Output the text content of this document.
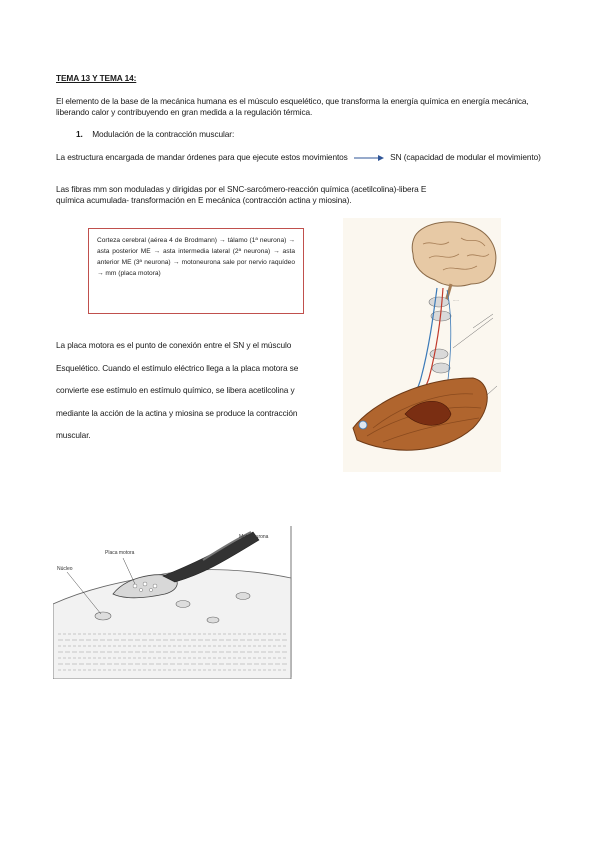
TEMA 13 Y TEMA 14:
El elemento de la base de la mecánica humana es el músculo esquelético, que transforma la energía química en energía mecánica, liberando calor y contribuyendo en gran medida a la regulación térmica.
1. Modulación de la contracción muscular:
La estructura encargada de mandar órdenes para que ejecute estos movimientos	SN (capacidad de modular el movimiento)
Las fibras mm son moduladas y dirigidas por el SNC-sarcómero-reacción química (acetilcolina)-libera E química acumulada- transformación en E mecánica (contracción actina y miosina).
Corteza cerebral (aérea 4 de Brodmann) → tálamo (1ª neurona) → asta posterior ME → asta intermedia lateral (2ª neurona) → asta anterior ME (3ª neurona) → motoneurona sale por nervio raquídeo → mm (placa motora)
La placa motora es el punto de conexión entre el SN y el músculo Esquelético. Cuando el estímulo eléctrico llega a la placa motora se convierte ese estímulo en estímulo químico, se libera acetilcolina y mediante la acción de la actina y miosina se produce la contracción muscular.
·····
Motoneurona
Placa motora
Núcleo
